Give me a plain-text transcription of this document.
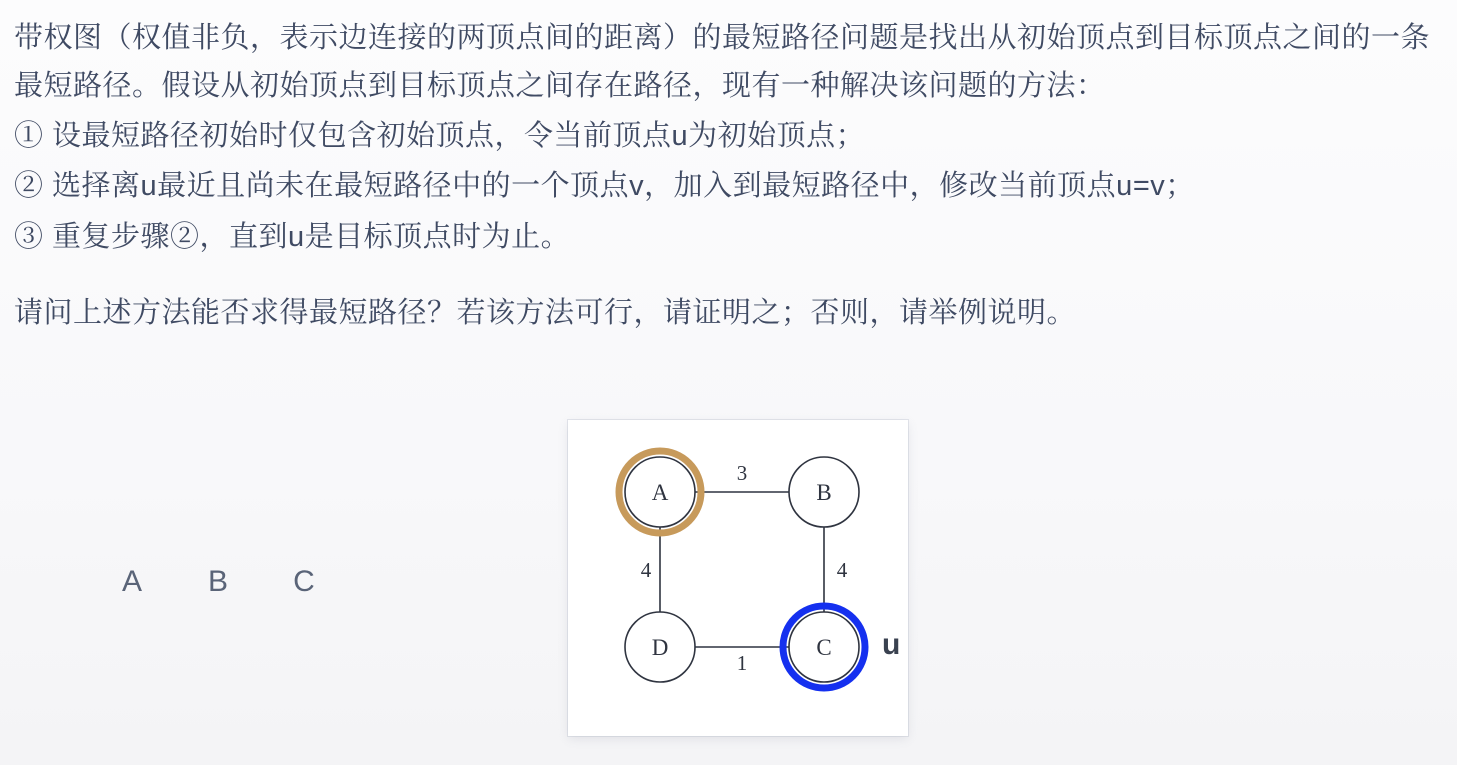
带权图（权值非负，表示边连接的两顶点间的距离）的最短路径问题是找出从初始顶点到目标顶点之间的一条最短路径。假设从初始顶点到目标顶点之间存在路径，现有一种解决该问题的方法：

① 设最短路径初始时仅包含初始顶点，令当前顶点u为初始顶点；

② 选择离u最近且尚未在最短路径中的一个顶点v，加入到最短路径中，修改当前顶点u=v；

③ 重复步骤②，直到u是目标顶点时为止。

请问上述方法能否求得最短路径？若该方法可行，请证明之；否则，请举例说明。

A B C
A	B
D	C
3
4	4
1
u
